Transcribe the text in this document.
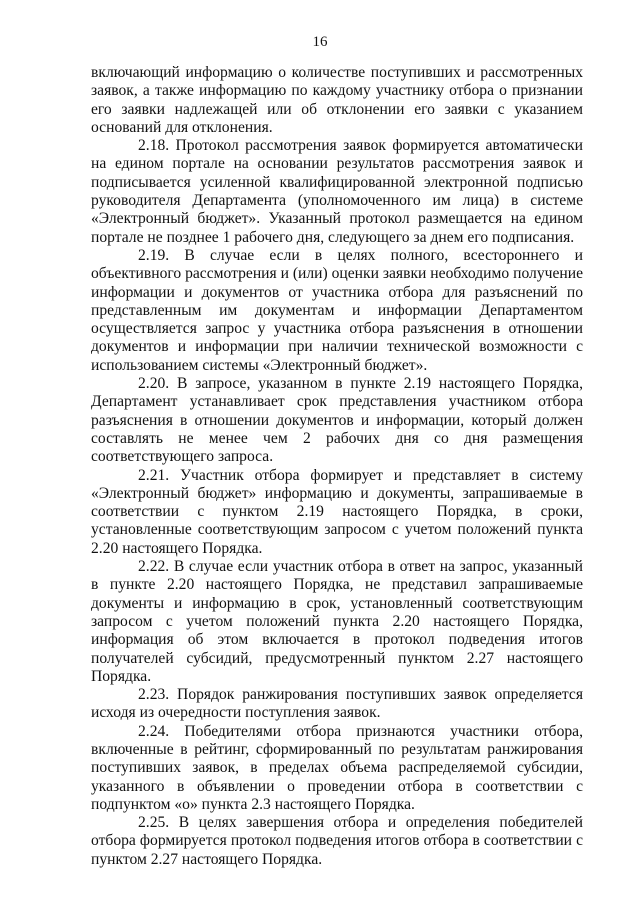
16

включающий информацию о количестве поступивших и рассмотренных заявок, а также информацию по каждому участнику отбора о признании его заявки надлежащей или об отклонении его заявки с указанием оснований для отклонения.

2.18. Протокол рассмотрения заявок формируется автоматически на едином портале на основании результатов рассмотрения заявок и подписывается усиленной квалифицированной электронной подписью руководителя Департамента (уполномоченного им лица) в системе «Электронный бюджет». Указанный протокол размещается на едином портале не позднее 1 рабочего дня, следующего за днем его подписания.

2.19. В случае если в целях полного, всестороннего и объективного рассмотрения и (или) оценки заявки необходимо получение информации и документов от участника отбора для разъяснений по представленным им документам и информации Департаментом осуществляется запрос у участника отбора разъяснения в отношении документов и информации при наличии технической возможности с использованием системы «Электронный бюджет».

2.20. В запросе, указанном в пункте 2.19 настоящего Порядка, Департамент устанавливает срок представления участником отбора разъяснения в отношении документов и информации, который должен составлять не менее чем 2 рабочих дня со дня размещения соответствующего запроса.

2.21. Участник отбора формирует и представляет в систему «Электронный бюджет» информацию и документы, запрашиваемые в соответствии с пунктом 2.19 настоящего Порядка, в сроки, установленные соответствующим запросом с учетом положений пункта 2.20 настоящего Порядка.

2.22. В случае если участник отбора в ответ на запрос, указанный в пункте 2.20 настоящего Порядка, не представил запрашиваемые документы и информацию в срок, установленный соответствующим запросом с учетом положений пункта 2.20 настоящего Порядка, информация об этом включается в протокол подведения итогов получателей субсидий, предусмотренный пунктом 2.27 настоящего Порядка.

2.23. Порядок ранжирования поступивших заявок определяется исходя из очередности поступления заявок.

2.24. Победителями отбора признаются участники отбора, включенные в рейтинг, сформированный по результатам ранжирования поступивших заявок, в пределах объема распределяемой субсидии, указанного в объявлении о проведении отбора в соответствии с подпунктом «о» пункта 2.3 настоящего Порядка.

2.25. В целях завершения отбора и определения победителей отбора формируется протокол подведения итогов отбора в соответствии с пунктом 2.27 настоящего Порядка.
